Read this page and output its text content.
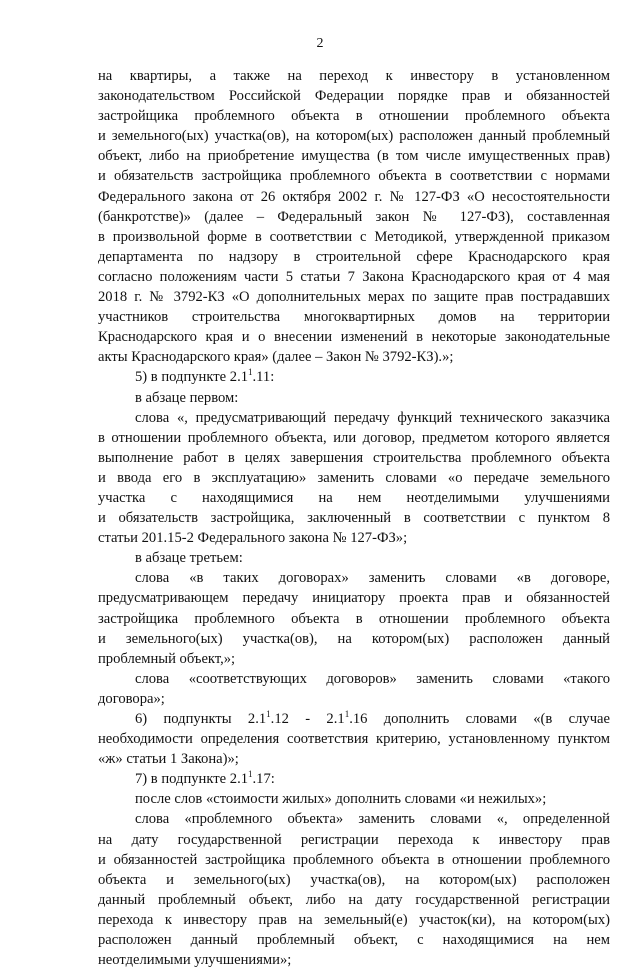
2
на квартиры, а также на переход к инвестору в установленном
законодательством Российской Федерации порядке прав и обязанностей
застройщика проблемного объекта в отношении проблемного объекта
и земельного(ых) участка(ов), на котором(ых) расположен данный проблемный
объект, либо на приобретение имущества (в том числе имущественных прав)
и обязательств застройщика проблемного объекта в соответствии с нормами
Федерального закона от 26 октября 2002 г. № 127-ФЗ «О несостоятельности
(банкротстве)» (далее – Федеральный закон № 127-ФЗ), составленная
в произвольной форме в соответствии с Методикой, утвержденной приказом
департамента по надзору в строительной сфере Краснодарского края
согласно положениям части 5 статьи 7 Закона Краснодарского края от 4 мая
2018 г. № 3792-КЗ «О дополнительных мерах по защите прав пострадавших
участников строительства многоквартирных домов на территории
Краснодарского края и о внесении изменений в некоторые законодательные
акты Краснодарского края» (далее – Закон № 3792-КЗ).»;
5) в подпункте $2.1^1.11$:
в абзаце первом:
слова «, предусматривающий передачу функций технического заказчика
в отношении проблемного объекта, или договор, предметом которого является
выполнение работ в целях завершения строительства проблемного объекта
и ввода его в эксплуатацию» заменить словами «о передаче земельного
участка с находящимися на нем неотделимыми улучшениями
и обязательств застройщика, заключенный в соответствии с пунктом 8
статьи 201.15-2 Федерального закона № 127-ФЗ»;
в абзаце третьем:
слова «в таких договорах» заменить словами «в договоре,
предусматривающем передачу инициатору проекта прав и обязанностей
застройщика проблемного объекта в отношении проблемного объекта
и земельного(ых) участка(ов), на котором(ых) расположен данный
проблемный объект,»;
слова «соответствующих договоров» заменить словами «такого
договора»;
6) подпункты $2.1^1.12 - 2.1^1.16$ дополнить словами «(в случае
необходимости определения соответствия критерию, установленному пунктом
«ж» статьи 1 Закона)»;
7) в подпункте $2.1^1.17$:
после слов «стоимости жилых» дополнить словами «и нежилых»;
слова «проблемного объекта» заменить словами «, определенной
на дату государственной регистрации перехода к инвестору прав
и обязанностей застройщика проблемного объекта в отношении проблемного
объекта и земельного(ых) участка(ов), на котором(ых) расположен
данный проблемный объект, либо на дату государственной регистрации
перехода к инвестору прав на земельный(е) участок(ки), на котором(ых)
расположен данный проблемный объект, с находящимися на нем
неотделимыми улучшениями»;
